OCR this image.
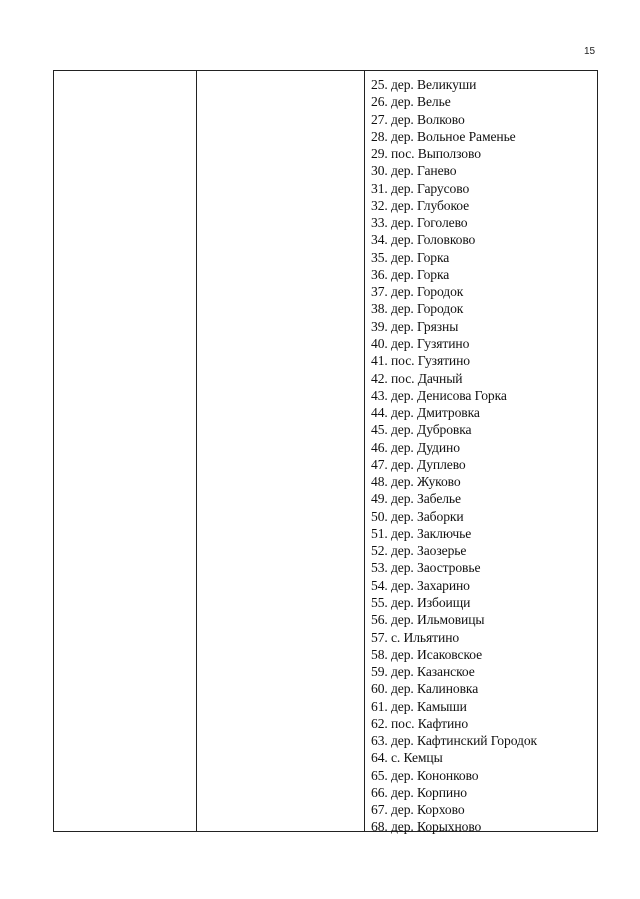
15
25. дер. Великуши
26. дер. Велье
27. дер. Волково
28. дер. Вольное Раменье
29. пос. Выползово
30. дер. Ганево
31. дер. Гарусово
32. дер. Глубокое
33. дер. Гоголево
34. дер. Головково
35. дер. Горка
36. дер. Горка
37. дер. Городок
38. дер. Городок
39. дер. Грязны
40. дер. Гузятино
41. пос. Гузятино
42. пос. Дачный
43. дер. Денисова Горка
44. дер. Дмитровка
45. дер. Дубровка
46. дер. Дудино
47. дер. Дуплево
48. дер. Жуково
49. дер. Забелье
50. дер. Заборки
51. дер. Заключье
52. дер. Заозерье
53. дер. Заостровье
54. дер. Захарино
55. дер. Избоищи
56. дер. Ильмовицы
57. с. Ильятино
58. дер. Исаковское
59. дер. Казанское
60. дер. Калиновка
61. дер. Камыши
62. пос. Кафтино
63. дер. Кафтинский Городок
64. с. Кемцы
65. дер. Кононково
66. дер. Корпино
67. дер. Корхово
68. дер. Корыхново
